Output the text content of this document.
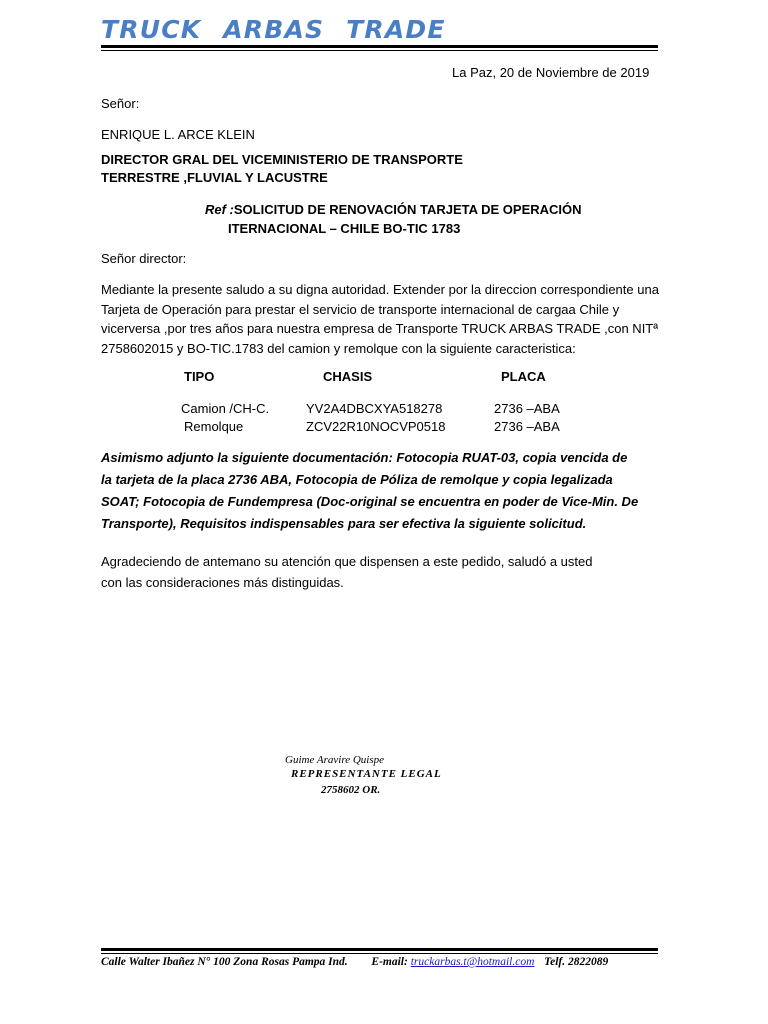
TRUCK ARBAS TRADE
La Paz, 20 de Noviembre de 2019
Señor:
ENRIQUE L. ARCE KLEIN
DIRECTOR GRAL DEL VICEMINISTERIO DE TRANSPORTE
TERRESTRE ,FLUVIAL Y LACUSTRE
Ref :SOLICITUD DE RENOVACIÓN TARJETA DE OPERACIÓN
ITERNACIONAL – CHILE BO-TIC 1783
Señor director:
Mediante la presente saludo a su digna autoridad. Extender por la direccion correspondiente una
Tarjeta de Operación para prestar el servicio de transporte internacional de cargaa Chile y
vicerversa ,por tres años para nuestra empresa de Transporte TRUCK ARBAS TRADE ,con NITª
2758602015 y BO-TIC.1783 del camion y remolque con la siguiente caracteristica:
TIPO	CHASIS	PLACA
Camion /CH-C.	YV2A4DBCXYA518278	2736 –ABA
Remolque	ZCV22R10NOCVP0518	2736 –ABA
Asimismo adjunto la siguiente documentación: Fotocopia RUAT-03, copia vencida de
la tarjeta de la placa 2736 ABA, Fotocopia de Póliza de remolque y copia legalizada
SOAT; Fotocopia de Fundempresa (Doc-original se encuentra en poder de Vice-Min. De
Transporte), Requisitos indispensables para ser efectiva la siguiente solicitud.
Agradeciendo de antemano su atención que dispensen a este pedido, saludó a usted
con las consideraciones más distinguidas.
Guime Aravire Quispe
REPRESENTANTE LEGAL
2758602 OR.
Calle Walter Ibañez N° 100 Zona Rosas Pampa Ind. E-mail: truckarbas.t@hotmail.com Telf. 2822089
